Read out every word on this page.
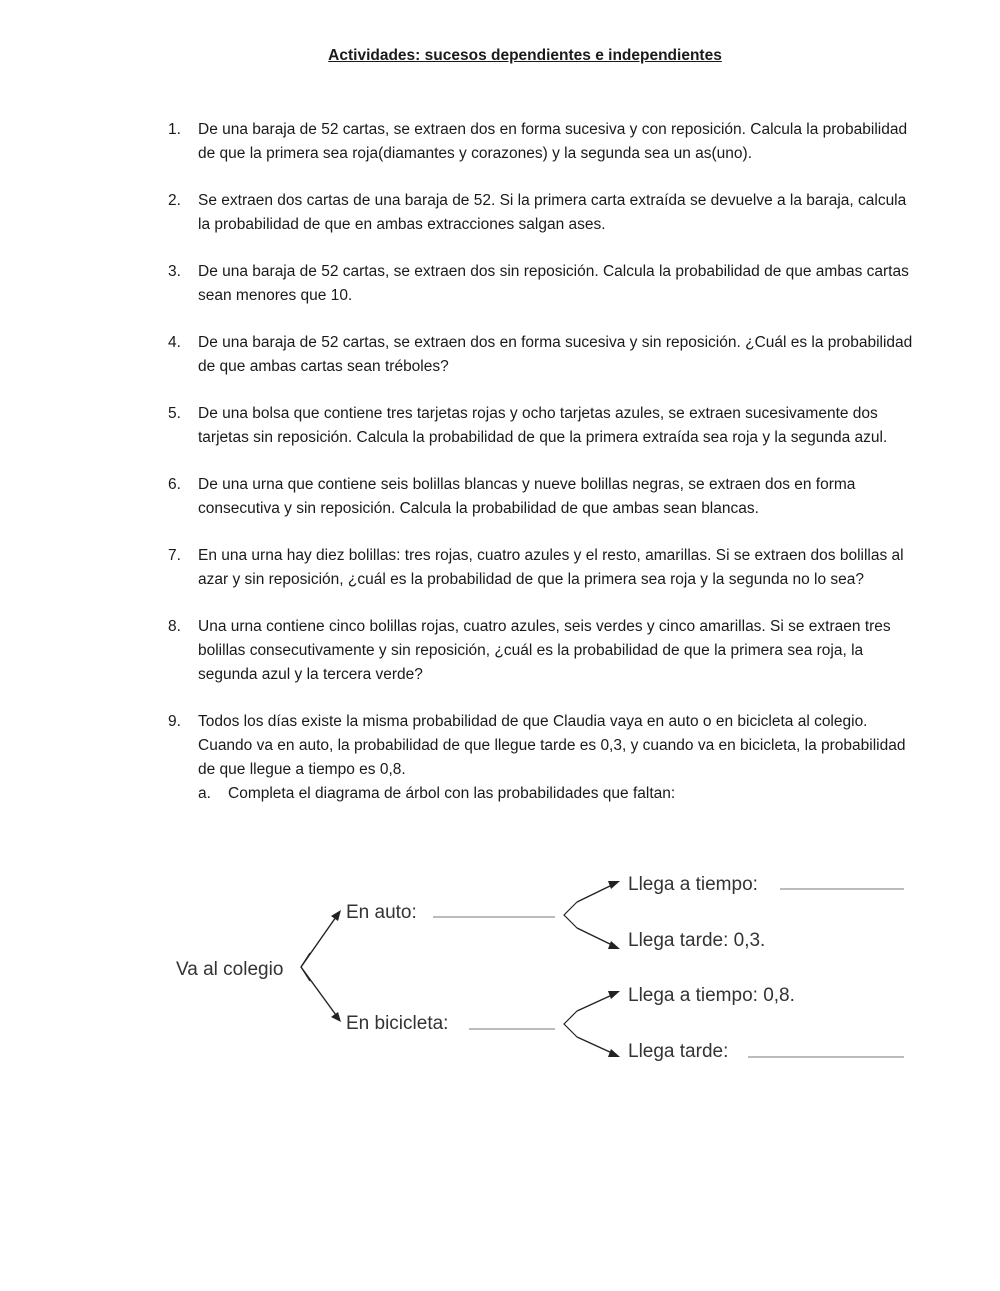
Actividades: sucesos dependientes e independientes
1. De una baraja de 52 cartas, se extraen dos en forma sucesiva y con reposición. Calcula la probabilidad de que la primera sea roja(diamantes y corazones) y la segunda sea un as(uno).
2. Se extraen dos cartas de una baraja de 52. Si la primera carta extraída se devuelve a la baraja, calcula la probabilidad de que en ambas extracciones salgan ases.
3. De una baraja de 52 cartas, se extraen dos sin reposición. Calcula la probabilidad de que ambas cartas sean menores que 10.
4. De una baraja de 52 cartas, se extraen dos en forma sucesiva y sin reposición. ¿Cuál es la probabilidad de que ambas cartas sean tréboles?
5. De una bolsa que contiene tres tarjetas rojas y ocho tarjetas azules, se extraen sucesivamente dos tarjetas sin reposición. Calcula la probabilidad de que la primera extraída sea roja y la segunda azul.
6. De una urna que contiene seis bolillas blancas y nueve bolillas negras, se extraen dos en forma consecutiva y sin reposición. Calcula la probabilidad de que ambas sean blancas.
7. En una urna hay diez bolillas: tres rojas, cuatro azules y el resto, amarillas. Si se extraen dos bolillas al azar y sin reposición, ¿cuál es la probabilidad de que la primera sea roja y la segunda no lo sea?
8. Una urna contiene cinco bolillas rojas, cuatro azules, seis verdes y cinco amarillas. Si se extraen tres bolillas consecutivamente y sin reposición, ¿cuál es la probabilidad de que la primera sea roja, la segunda azul y la tercera verde?
9. Todos los días existe la misma probabilidad de que Claudia vaya en auto o en bicicleta al colegio. Cuando va en auto, la probabilidad de que llegue tarde es 0,3, y cuando va en bicicleta, la probabilidad de que llegue a tiempo es 0,8.
a. Completa el diagrama de árbol con las probabilidades que faltan:
Va al colegio
En auto:
En bicicleta:
Llega a tiempo:
Llega tarde: 0,3.
Llega a tiempo: 0,8.
Llega tarde:
